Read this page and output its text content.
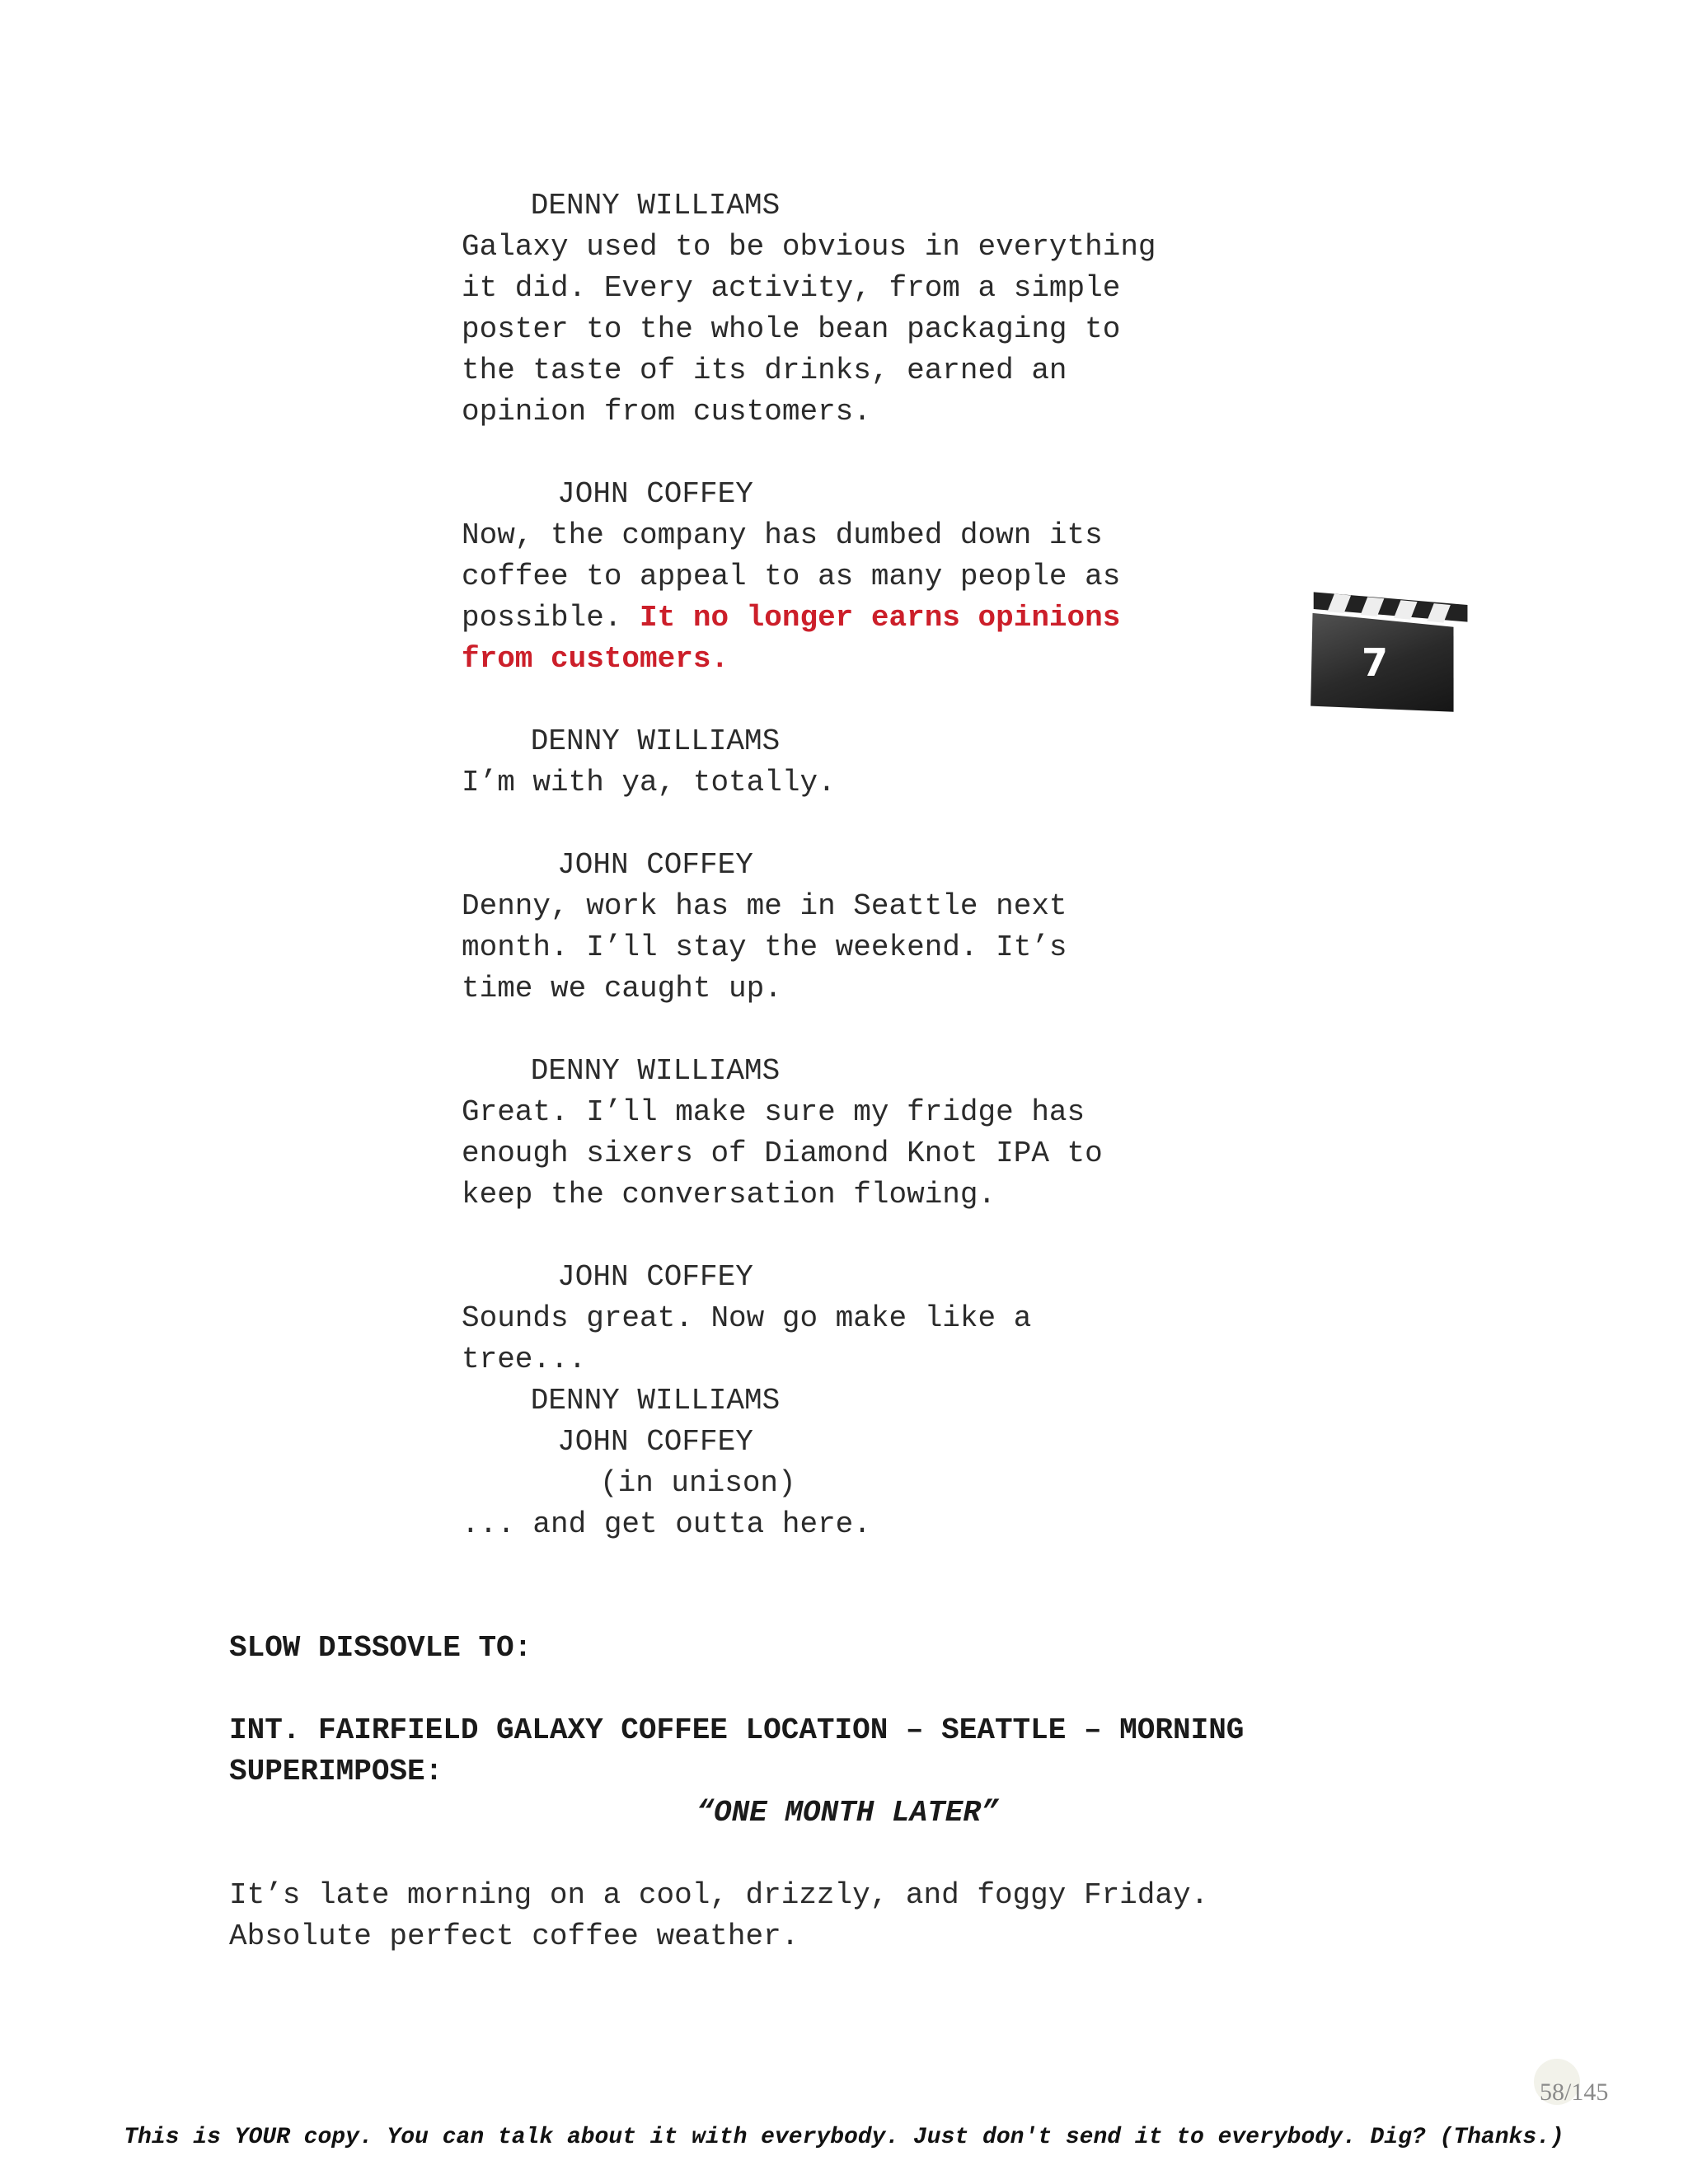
DENNY WILLIAMS
Galaxy used to be obvious in everything
it did. Every activity, from a simple
poster to the whole bean packaging to
the taste of its drinks, earned an
opinion from customers.
JOHN COFFEY
Now, the company has dumbed down its
coffee to appeal to as many people as
possible. It no longer earns opinions
from customers.	7
DENNY WILLIAMS
I’m with ya, totally.
JOHN COFFEY
Denny, work has me in Seattle next
month. I’ll stay the weekend. It’s
time we caught up.
DENNY WILLIAMS
Great. I’ll make sure my fridge has
enough sixers of Diamond Knot IPA to
keep the conversation flowing.
JOHN COFFEY
Sounds great. Now go make like a
tree...
DENNY WILLIAMS
JOHN COFFEY
(in unison)
... and get outta here.
SLOW DISSOVLE TO:
INT. FAIRFIELD GALAXY COFFEE LOCATION – SEATTLE – MORNING
SUPERIMPOSE:
“ONE MONTH LATER”
It’s late morning on a cool, drizzly, and foggy Friday.
Absolute perfect coffee weather.
58/145
This is YOUR copy. You can talk about it with everybody. Just don't send it to everybody. Dig? (Thanks.)
